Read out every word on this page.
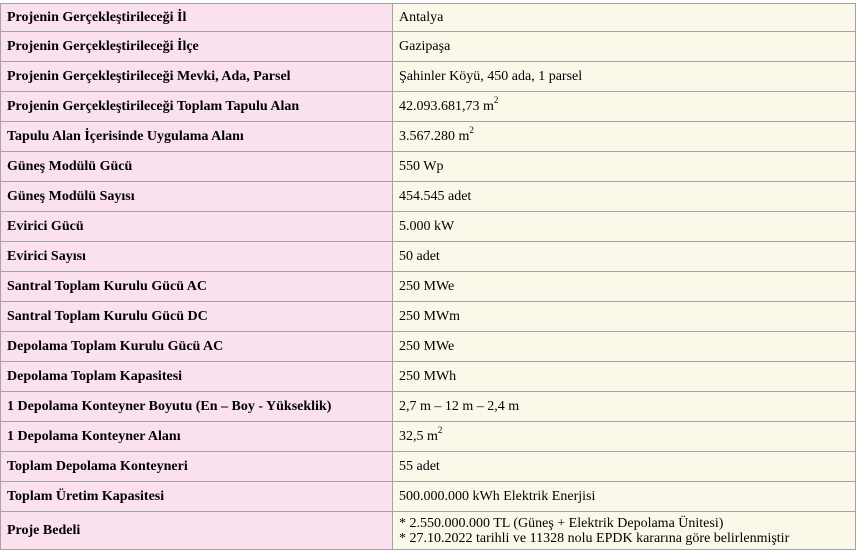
Projenin Gerçekleştirileceği İl	Antalya
Projenin Gerçekleştirileceği İlçe	Gazipaşa
Projenin Gerçekleştirileceği Mevki, Ada, Parsel	Şahinler Köyü, 450 ada, 1 parsel
Projenin Gerçekleştirileceği Toplam Tapulu Alan	42.093.681,73 $m^2$
Tapulu Alan İçerisinde Uygulama Alanı	3.567.280 $m^2$
Güneş Modülü Gücü	550 Wp
Güneş Modülü Sayısı	454.545 adet
Evirici Gücü	5.000 kW
Evirici Sayısı	50 adet
Santral Toplam Kurulu Gücü AC	250 MWe
Santral Toplam Kurulu Gücü DC	250 MWm
Depolama Toplam Kurulu Gücü AC	250 MWe
Depolama Toplam Kapasitesi	250 MWh
1 Depolama Konteyner Boyutu (En – Boy - Yükseklik)	2,7 m – 12 m – 2,4 m
1 Depolama Konteyner Alanı	32,5 $m^2$
Toplam Depolama Konteyneri	55 adet
Toplam Üretim Kapasitesi	500.000.000 kWh Elektrik Enerjisi
Proje Bedeli	* 2.550.000.000 TL (Güneş + Elektrik Depolama Ünitesi)
* 27.10.2022 tarihli ve 11328 nolu EPDK kararına göre belirlenmiştir
